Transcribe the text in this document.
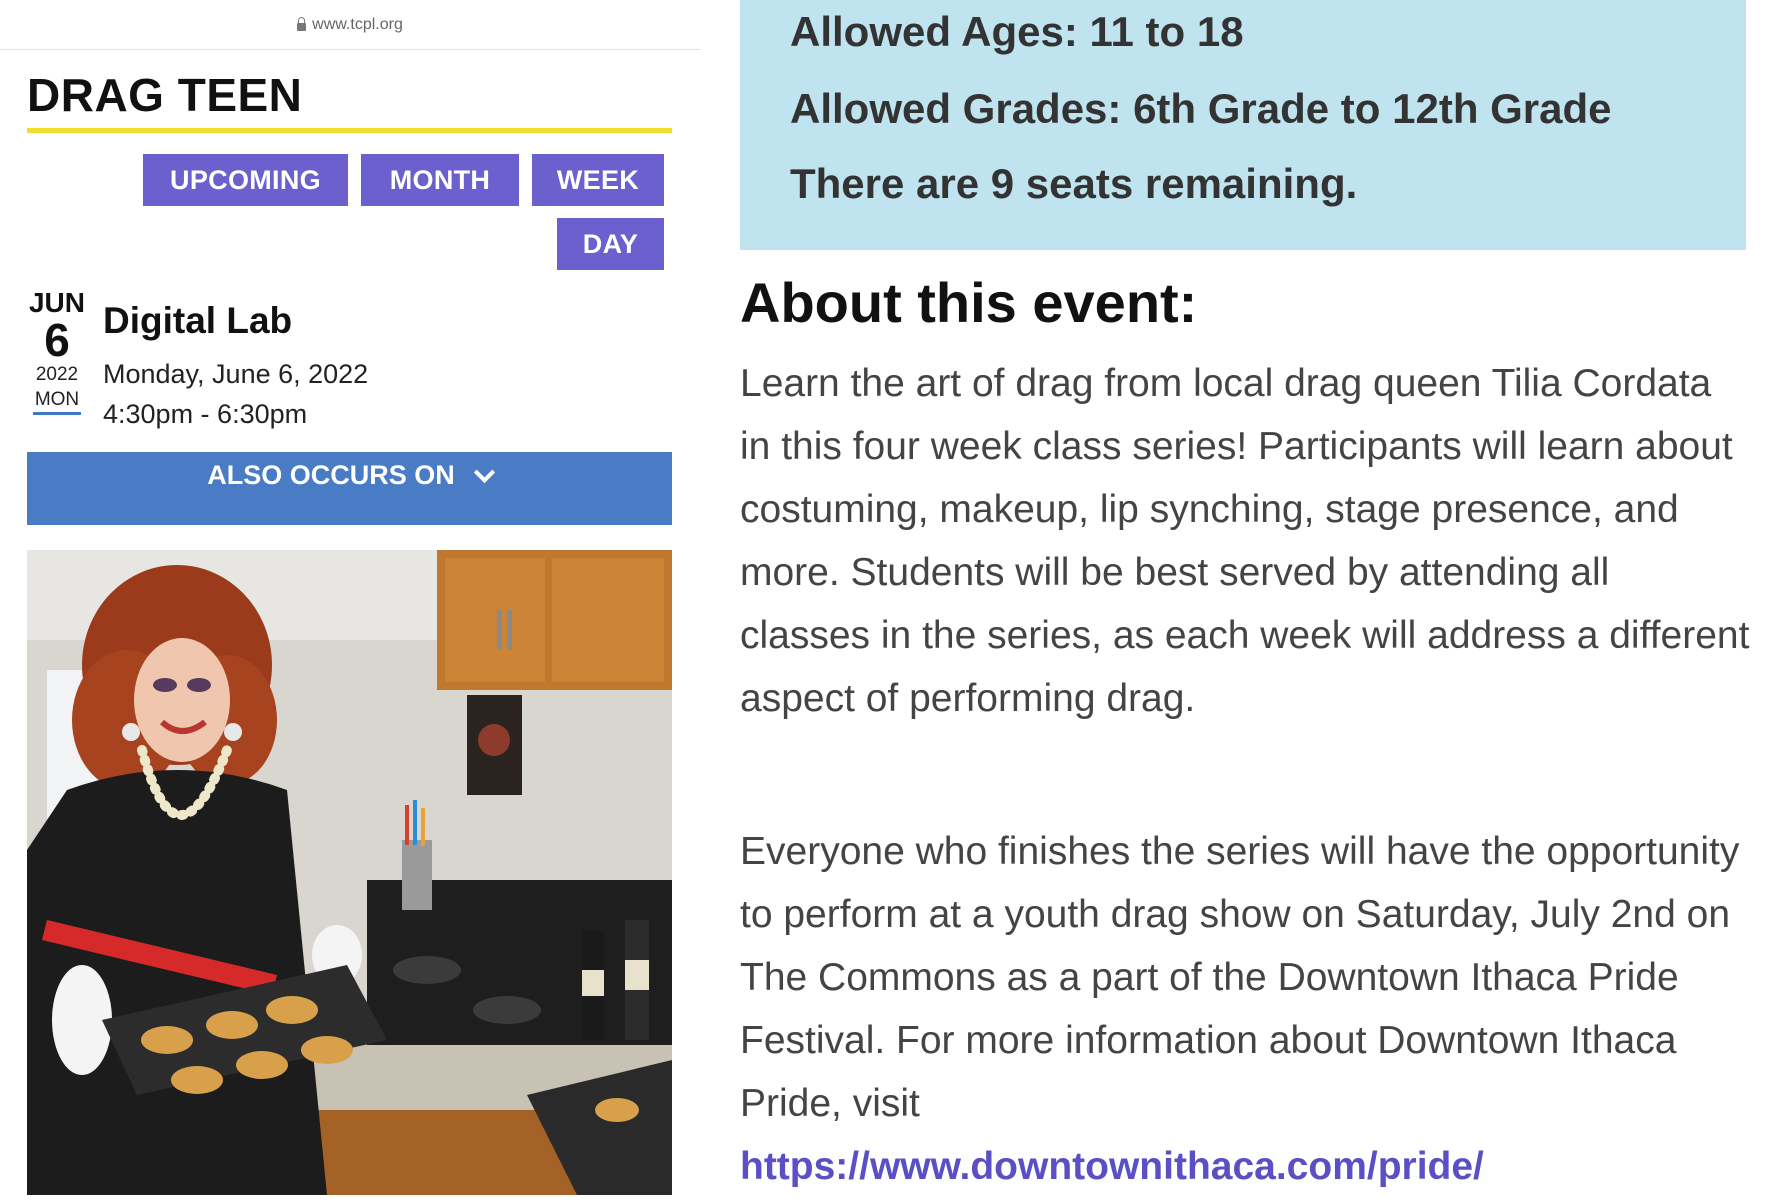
www.tcpl.org
DRAG TEEN
UPCOMING	MONTH	WEEK
DAY
JUN
6
2022
MON
Digital Lab
Monday, June 6, 2022
4:30pm - 6:30pm
ALSO OCCURS ON
Allowed Ages: 11 to 18
Allowed Grades: 6th Grade to 12th Grade
There are 9 seats remaining.
About this event:

Learn the art of drag from local drag queen Tilia Cordata in this four week class series! Participants will learn about costuming, makeup, lip synching, stage presence, and more. Students will be best served by attending all classes in the series, as each week will address a different aspect of performing drag.

Everyone who finishes the series will have the opportunity to perform at a youth drag show on Saturday, July 2nd on The Commons as a part of the Downtown Ithaca Pride Festival. For more information about Downtown Ithaca Pride, visit
https://www.downtownithaca.com/pride/
